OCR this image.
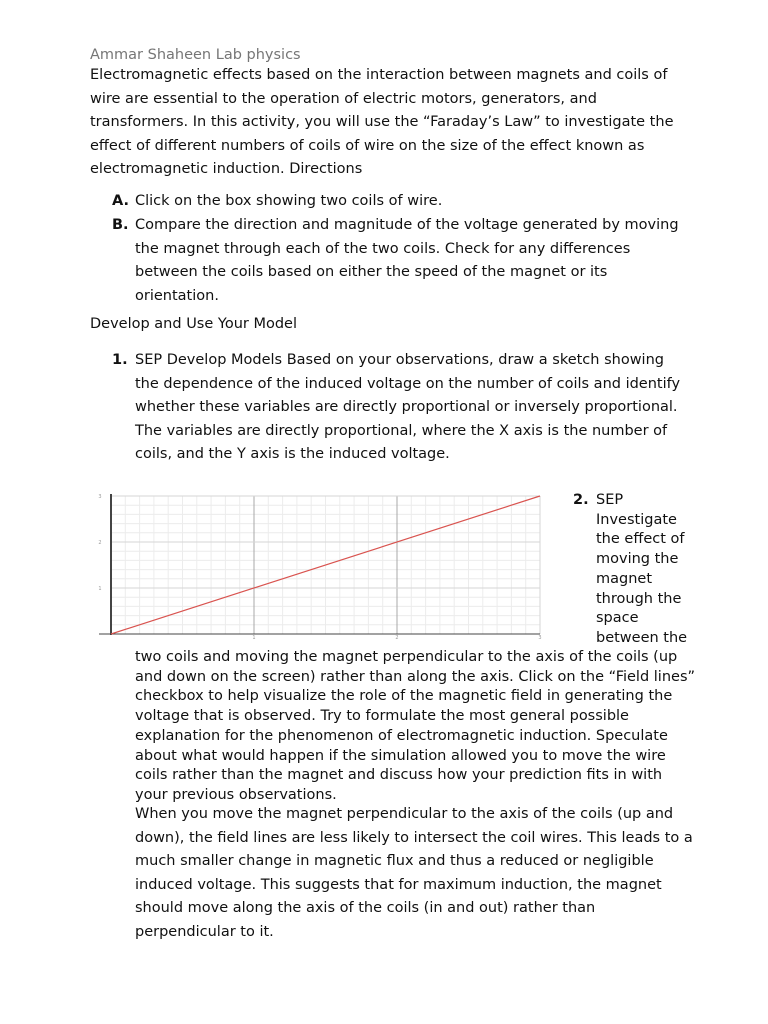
Ammar Shaheen Lab physics

Electromagnetic effects based on the interaction between magnets and coils of wire are essential to the operation of electric motors, generators, and transformers. In this activity, you will use the “Faraday’s Law” to investigate the effect of different numbers of coils of wire on the size of the effect known as electromagnetic induction. Directions

A. Click on the box showing two coils of wire.
B. Compare the direction and magnitude of the voltage generated by moving the magnet through each of the two coils. Check for any differences between the coils based on either the speed of the magnet or its orientation.
Develop and Use Your Model
1. SEP Develop Models Based on your observations, draw a sketch showing the dependence of the induced voltage on the number of coils and identify whether these variables are directly proportional or inversely proportional.
The variables are directly proportional, where the X axis is the number of coils, and the Y axis is the induced voltage.
1
2
3
1	2	3
2. SEP Investigate the effect of moving the magnet through the space between the
two coils and moving the magnet perpendicular to the axis of the coils (up and down on the screen) rather than along the axis. Click on the “Field lines” checkbox to help visualize the role of the magnetic field in generating the voltage that is observed. Try to formulate the most general possible explanation for the phenomenon of electromagnetic induction. Speculate about what would happen if the simulation allowed you to move the wire coils rather than the magnet and discuss how your prediction fits in with your previous observations.
When you move the magnet perpendicular to the axis of the coils (up and down), the field lines are less likely to intersect the coil wires. This leads to a much smaller change in magnetic flux and thus a reduced or negligible induced voltage. This suggests that for maximum induction, the magnet should move along the axis of the coils (in and out) rather than perpendicular to it.
